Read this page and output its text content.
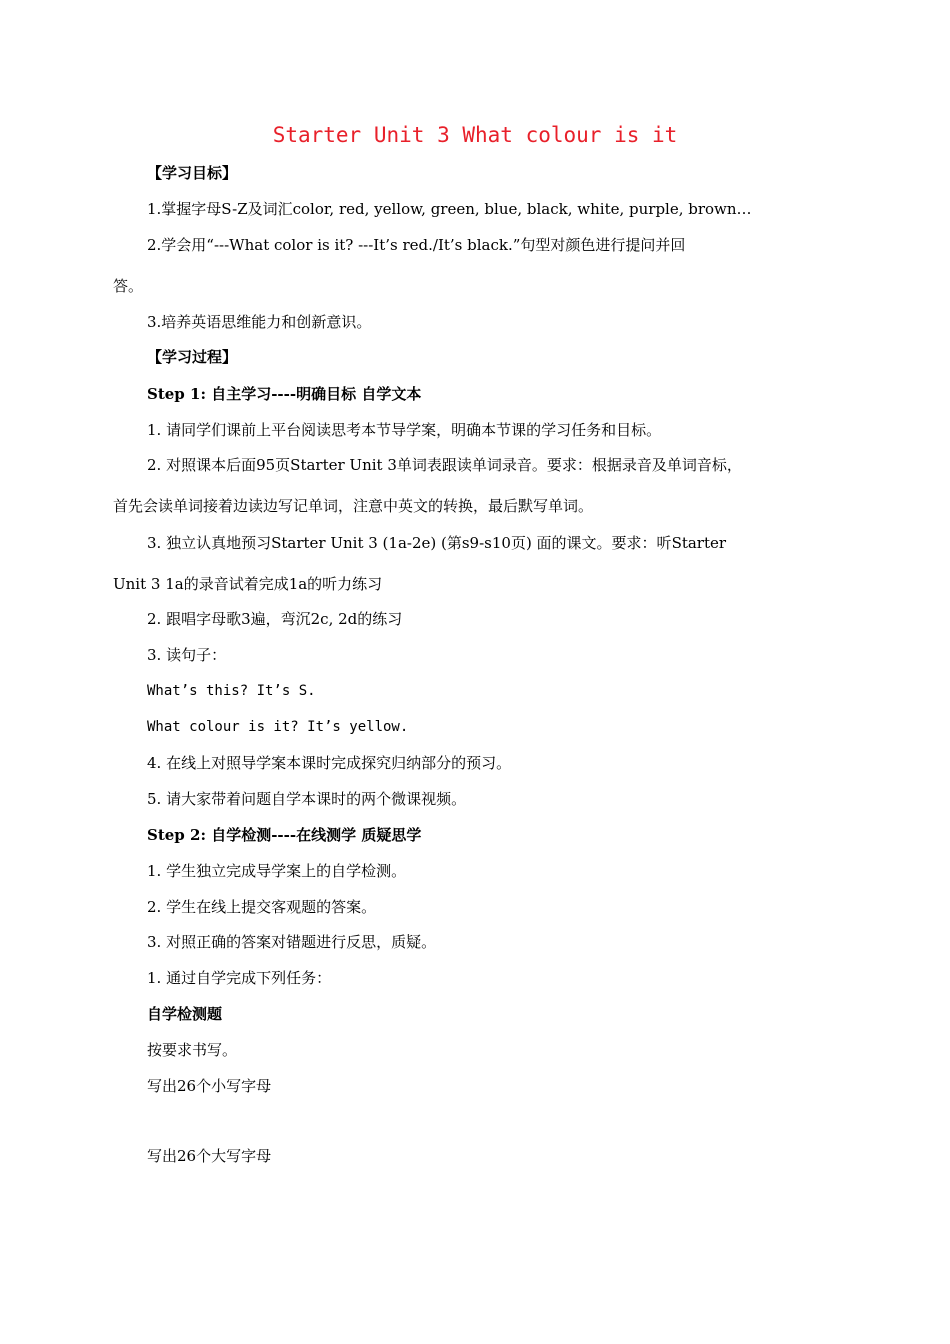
Starter Unit 3 What colour is it
【学习目标】
1.掌握字母S-Z及词汇color, red, yellow, green, blue, black, white, purple, brown…
2.学会用“---What color is it? ---It’s red./It’s black.”句型对颜色进行提问并回
答。
3.培养英语思维能力和创新意识。
【学习过程】
Step 1: 自主学习----明确目标 自学文本
1. 请同学们课前上平台阅读思考本节导学案，明确本节课的学习任务和目标。
2. 对照课本后面95页Starter Unit 3单词表跟读单词录音。要求：根据录音及单词音标，
首先会读单词接着边读边写记单词，注意中英文的转换，最后默写单词。
3. 独立认真地预习Starter Unit 3 (1a-2e) (第s9-s10页) 面的课文。要求：听Starter
Unit 3 1a的录音试着完成1a的听力练习
2. 跟唱字母歌3遍，弯沉2c, 2d的练习
3. 读句子：
What’s this? It’s S.
What colour is it? It’s yellow.
4. 在线上对照导学案本课时完成探究归纳部分的预习。
5. 请大家带着问题自学本课时的两个微课视频。
Step 2: 自学检测----在线测学 质疑思学
1. 学生独立完成导学案上的自学检测。
2. 学生在线上提交客观题的答案。
3. 对照正确的答案对错题进行反思，质疑。
1. 通过自学完成下列任务：
自学检测题
按要求书写。
写出26个小写字母
写出26个大写字母
